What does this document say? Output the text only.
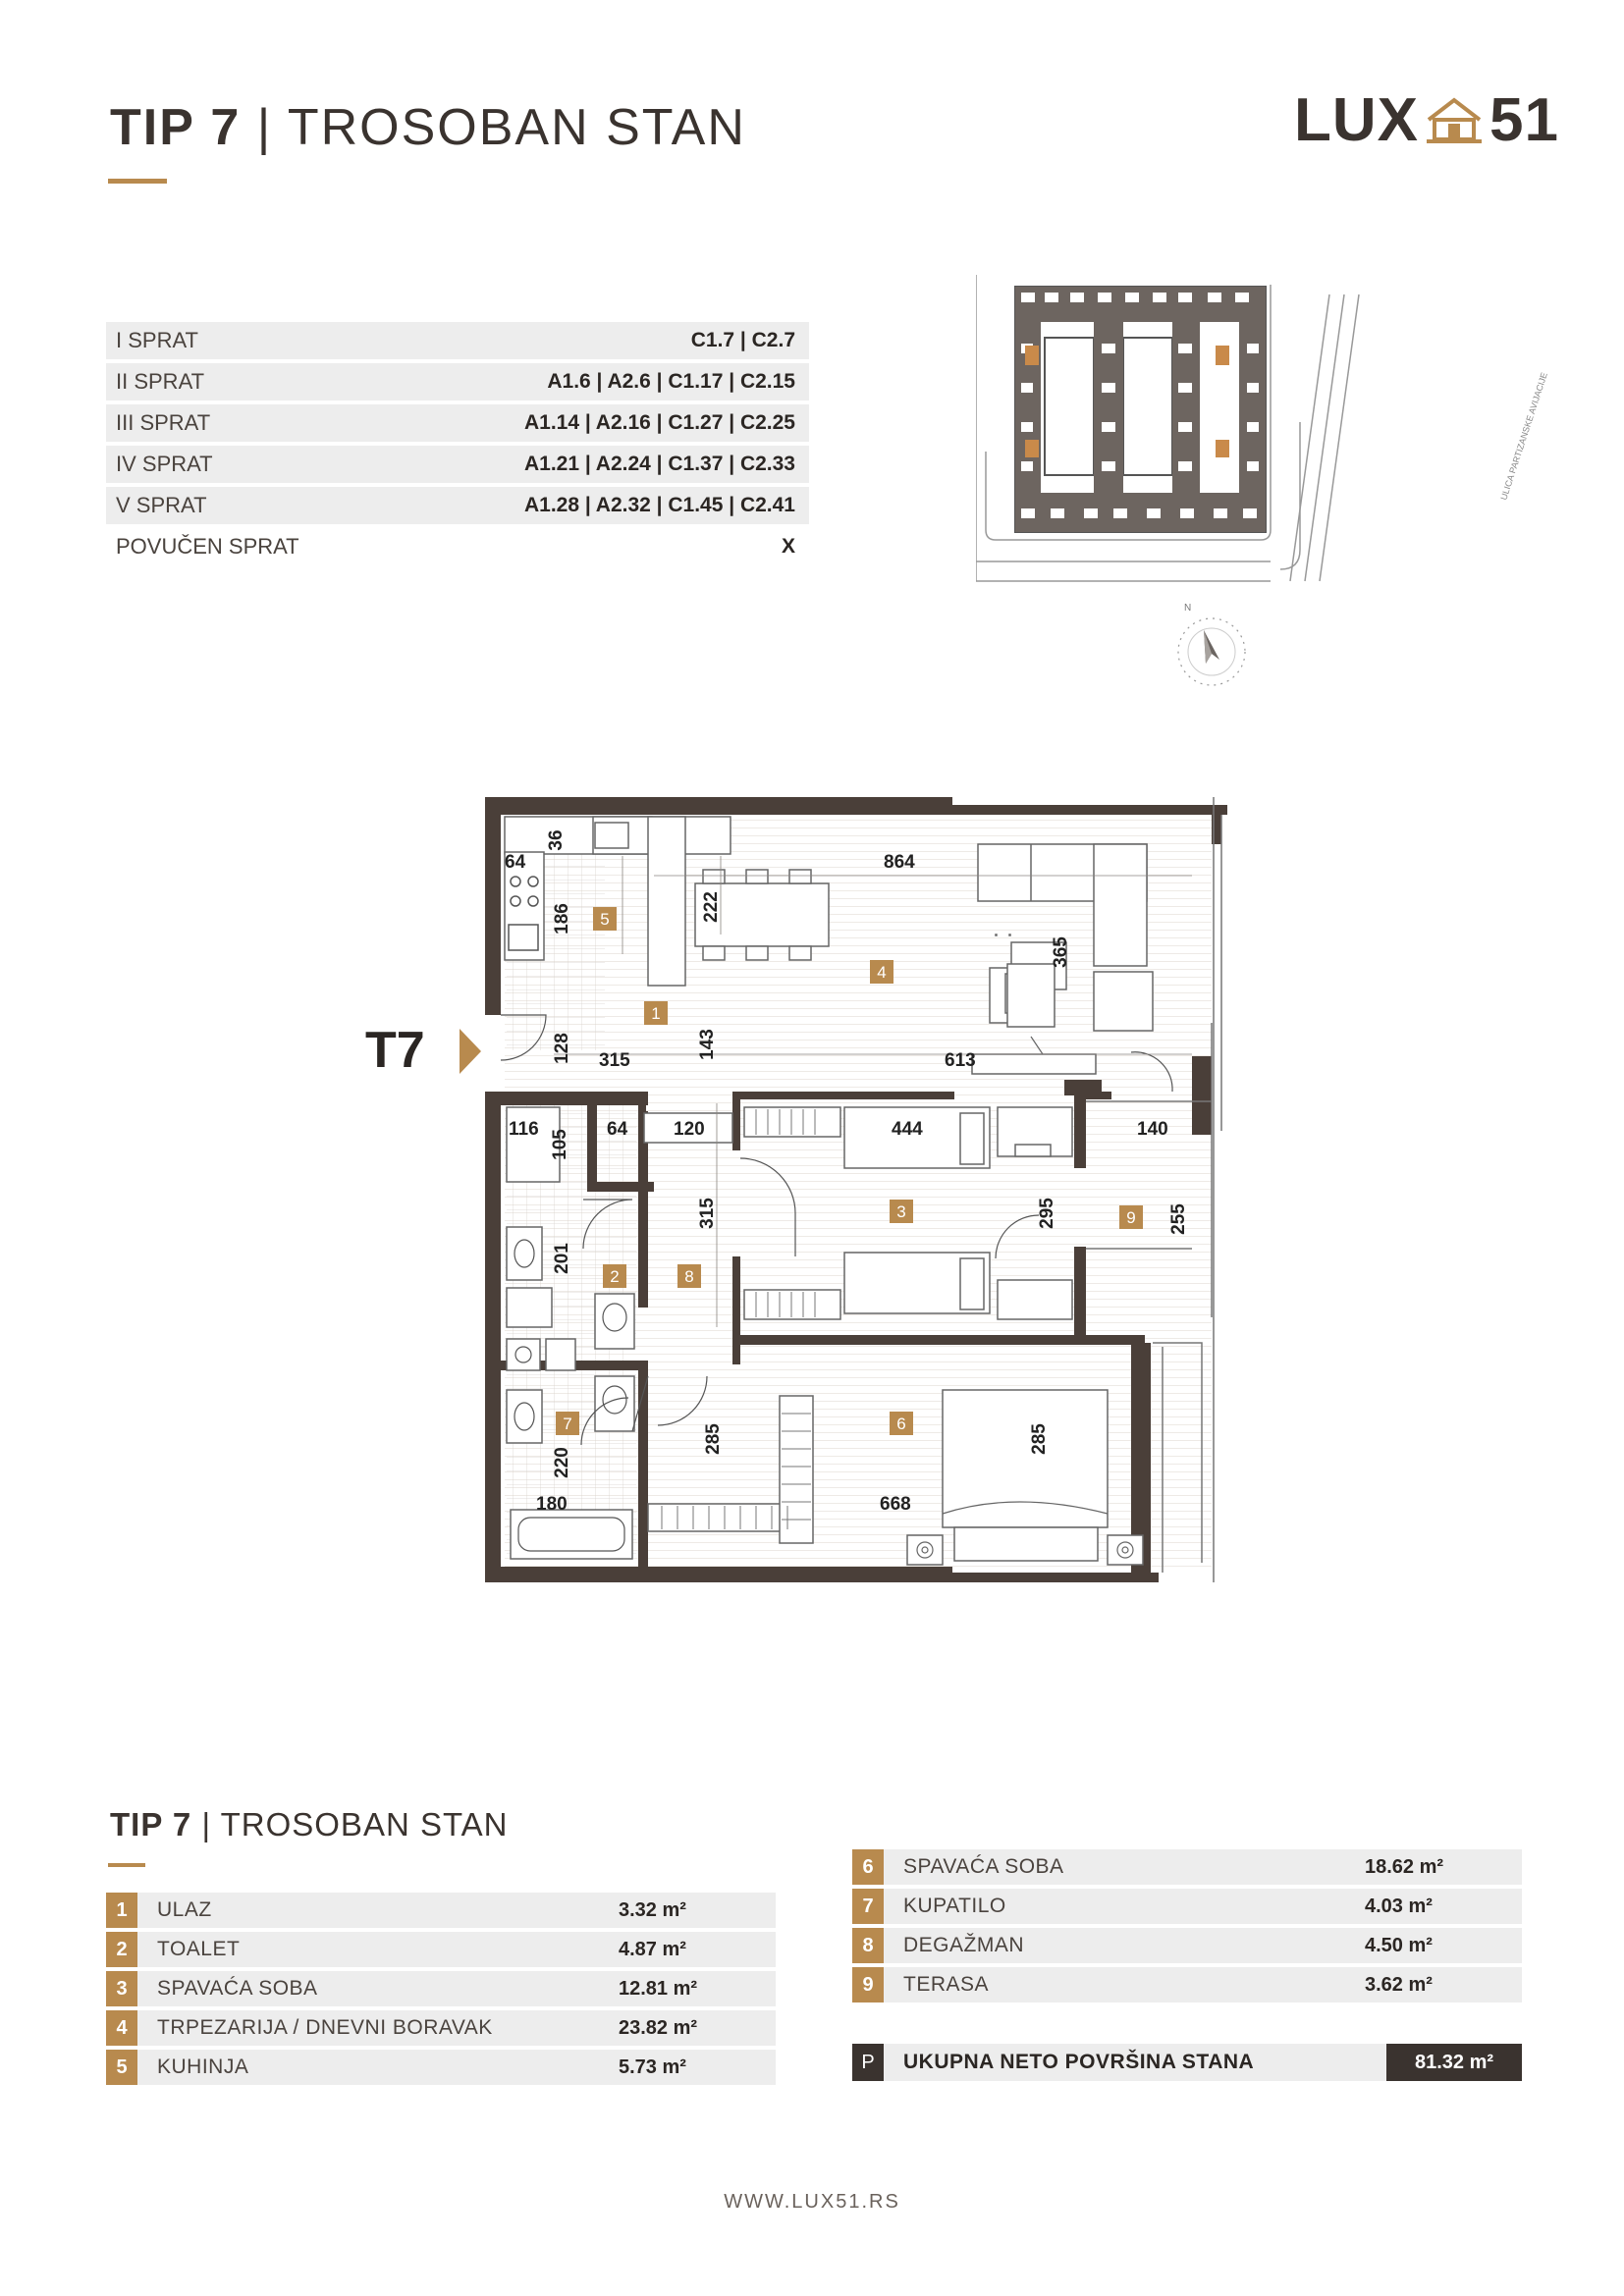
TIP 7 | TROSOBAN STAN	LUX 51
I SPRAT	C1.7 | C2.7
II SPRAT	A1.6 | A2.6 | C1.17 | C2.15
III SPRAT	A1.14 | A2.16 | C1.27 | C2.25
IV SPRAT	A1.21 | A2.24 | C1.37 | C2.33
V SPRAT	A1.28 | A2.32 | C1.45 | C2.41
POVUČEN SPRAT	X
ULICA PARTIZANSKE AVIJACIJE
N
T7
36
64
186
864
222
365
128 315
143
613
116 105 64 120	444	140
315	295	255
201
285	285
220
180	668
1
2
3
4
5
6
7
8
9
TIP 7 | TROSOBAN STAN
1	ULAZ	3.32 m²
2	TOALET	4.87 m²
3	SPAVAĆA SOBA	12.81 m²
4	TRPEZARIJA / DNEVNI BORAVAK	23.82 m²
5	KUHINJA	5.73 m²
6	SPAVAĆA SOBA	18.62 m²
7	KUPATILO	4.03 m²
8	DEGAŽMAN	4.50 m²
9	TERASA	3.62 m²
P	UKUPNA NETO POVRŠINA STANA	81.32 m²
WWW.LUX51.RS
